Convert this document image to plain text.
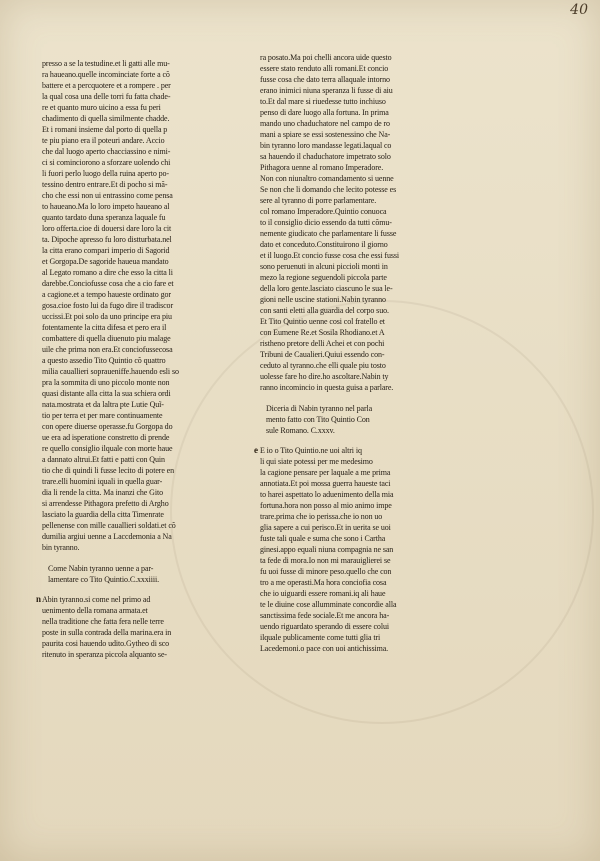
40
presso a se la testudine.et li gatti alle mu-
ra haueano.quelle incominciate forte a cõ
battere et a percquotere et a rompere . per
la qual cosa una delle torri fu fatta chade-
re et quanto muro uicino a essa fu peri
chadimento di quella similmente chadde.
Et i romani insieme dal porto di quella p
te piu piano era il poteuri andare. Accio
che dal luogo aperto chacciassino e nimi-
ci si cominciorono a sforzare uolendo chi
li fuori perlo luogo della ruina aperto po-
tessino dentro entrare.Et di pocho si mã-
cho che essi non ui entrassino come pensa
to haueano.Ma lo loro impeto haueano al
quanto tardato duna speranza laquale fu
loro offerta.cioe di douersi dare loro la cit
ta. Dipoche apresso fu loro distturbata.nel
la citta erano compari imperio di Sagorid
et Gorgopa.De sagoride haueua mandato
al Legato romano a dire che esso la citta li
darebbe.Conciofusse cosa che a cio fare et
a cagione.et a tempo haueste ordinato gor
gosa.cioe fosto lui da fugo dire il tradiscor
uccissi.Et poi solo da uno principe era piu
fotentamente la citta difesa et pero era il
combattere di quella diuenuto piu malage
uile che prima non era.Et conciofussecosa
a questo assedio Tito Quintio cõ quattro
milia cauallieri sopraueniffe.hauendo esli so
pra la sommita di uno piccolo monte non
quasi distante alla citta la sua schiera ordi
nata.mostrata et da laltra pte Lutie Quĩ-
tio per terra et per mare continuamente
con opere diuerse operasse.fu Gorgopa do
ue era ad isperatione constretto di prende
re quello consiglio ilquale con morte haue
a dannato altrui.Et fatti e patti con Quin
tio che di quindi li fusse lecito di potere en
trare.elli huomini iquali in quella guar-
dia li rende la citta. Ma inanzi che Gito
si arrendesse Pithagora prefetto di Argho
lasciato la guardia della citta Timenrate
pellenense con mille cauallieri soldati.et cõ
dumilia argiui uenne a Laccdemonia a Na
bin tyranno.
Come Nabin tyranno uenne a par-
lamentare co Tito Quintio.C.xxxiiii.
n Abin tyranno.si come nel primo ad
uenimento della romana armata.et
nella traditione che fatta fera nelle terre
poste in sulla contrada della marina.era in
paurita cosi hauendo udito.Gytheo di sco
ritenuto in speranza piccola alquanto se-
ra posato.Ma poi chelli ancora uide questo
essere stato renduto alli romani.Et concio
fusse cosa che dato terra allaquale intorno
erano inimici niuna speranza li fusse di aiu
to.Et dal mare si riuedesse tutto inchiuso
penso di dare luogo alla fortuna. In prima
mando uno chaduchatore nel campo de ro
mani a spiare se essi sostenessino che Na-
bin tyranno loro mandasse legati.laqual co
sa hauendo il chaduchatore impetrato solo
Pithagora uenne al romano Imperadore.
Non con niunaltro comandamento si uenne
Se non che li domando che lecito potesse es
sere al tyranno di porre parlamentare.
col romano Imperadore.Quintio conuoca
to il consiglio dicio essendo da tutti cõmu-
nemente giudicato che parlamentare li fusse
dato et conceduto.Constituirono il giorno
et il luogo.Et concio fusse cosa che essi fussi
sono peruenuti in alcuni piccioli monti in
mezo la regione seguendoli piccola parte
della loro gente.lasciato ciascuno le sua le-
gioni nelle uscine stationi.Nabin tyranno
con santi eletti alla guardia del corpo suo.
Et Tito Quintio uenne cosi col fratello et
con Eumene Re.et Sosila Rhodiano.et A
ristheno pretore delli Achei et con pochi
Tribuni de Caualieri.Quiui essendo con-
ceduto al tyranno.che elli quale piu tosto
uolesse fare ho dire.ho ascoltare.Nabin ty
ranno incomincio in questa guisa a parlare.
Diceria di Nabin tyranno nel parla
mento fatto con Tito Quintio Con
sule Romano. C.xxxv.
e E io o Tito Quintio.ne uoi altri iq
li qui siate potessi per me medesimo
la cagione pensare per laquale a me prima
annotiata.Et poi mossa guerra haueste taci
to harei aspettato lo aduenimento della mia
fortuna.hora non posso al mio animo impe
trare.prima che io perissa.che io non uo
glia sapere a cui perisco.Et in uerita se uoi
fuste tali quale e suma che sono i Cartha
ginesi.appo equali niuna compagnia ne san
ta fede di mora.Io non mi marauiglierei se
fu uoi fusse di minore peso.quello che con
tro a me operasti.Ma hora conciofia cosa
che io uiguardi essere romani.iq ali haue
te le diuine cose allumminate concordie alla
sanctissima fede sociale.Et me ancora ha-
uendo riguardato sperando di essere colui
ilquale publicamente come tutti glia tri
Lacedemoni.o pace con uoi antichissima.
